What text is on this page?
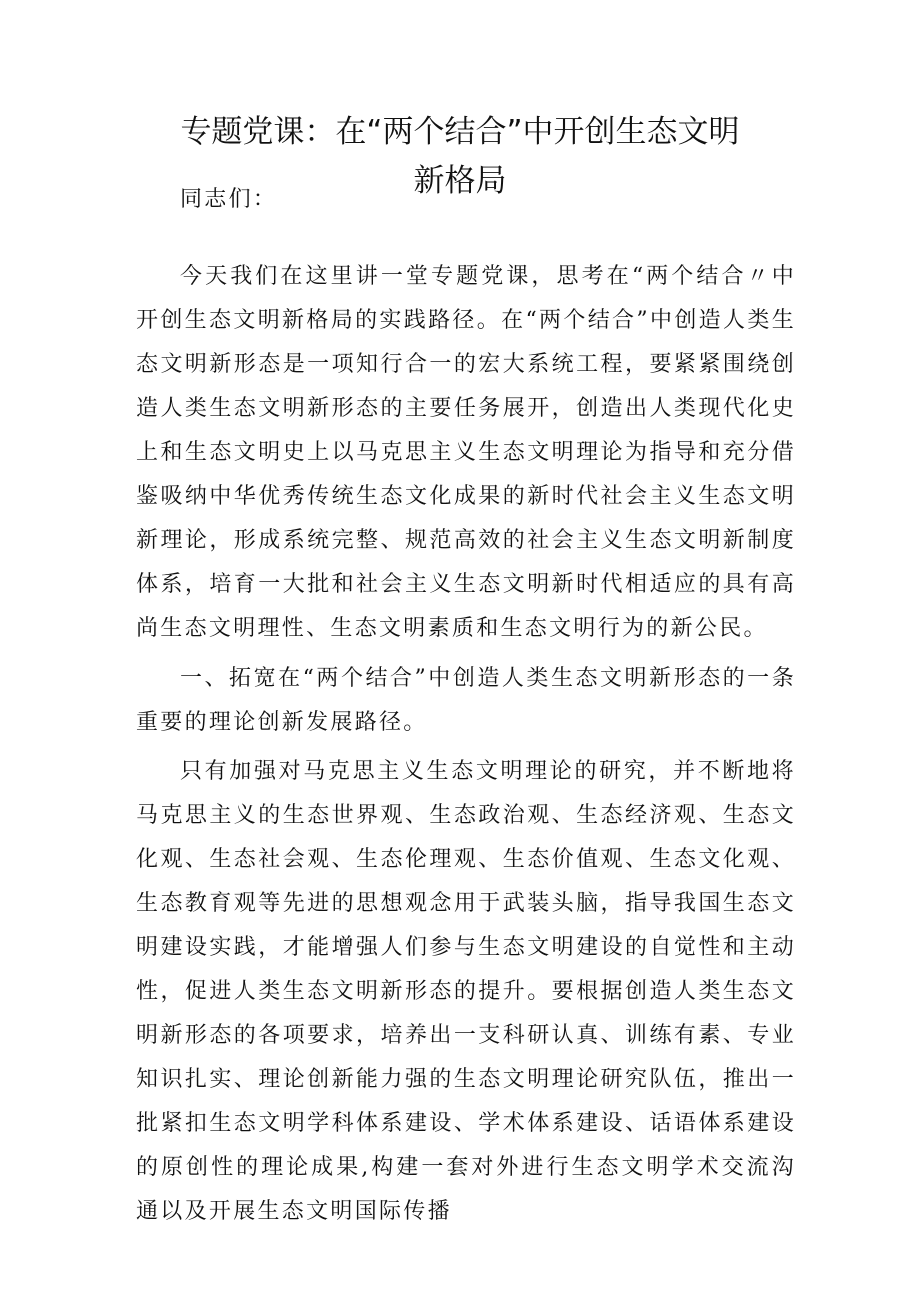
专题党课：在“两个结合”中开创生态文明
新格局

同志们：

今天我们在这里讲一堂专题党课，思考在“两个结合〃中开创生态文明新格局的实践路径。在“两个结合”中创造人类生态文明新形态是一项知行合一的宏大系统工程，要紧紧围绕创造人类生态文明新形态的主要任务展开，创造出人类现代化史上和生态文明史上以马克思主义生态文明理论为指导和充分借鉴吸纳中华优秀传统生态文化成果的新时代社会主义生态文明新理论，形成系统完整、规范高效的社会主义生态文明新制度体系，培育一大批和社会主义生态文明新时代相适应的具有高尚生态文明理性、生态文明素质和生态文明行为的新公民。

一、拓宽在“两个结合”中创造人类生态文明新形态的一条重要的理论创新发展路径。

只有加强对马克思主义生态文明理论的研究，并不断地将马克思主义的生态世界观、生态政治观、生态经济观、生态文化观、生态社会观、生态伦理观、生态价值观、生态文化观、生态教育观等先进的思想观念用于武装头脑，指导我国生态文明建设实践，才能增强人们参与生态文明建设的自觉性和主动性，促进人类生态文明新形态的提升。要根据创造人类生态文明新形态的各项要求，培养出一支科研认真、训练有素、专业知识扎实、理论创新能力强的生态文明理论研究队伍，推出一批紧扣生态文明学科体系建设、学术体系建设、话语体系建设的原创性的理论成果,构建一套对外进行生态文明学术交流沟通以及开展生态文明国际传播
